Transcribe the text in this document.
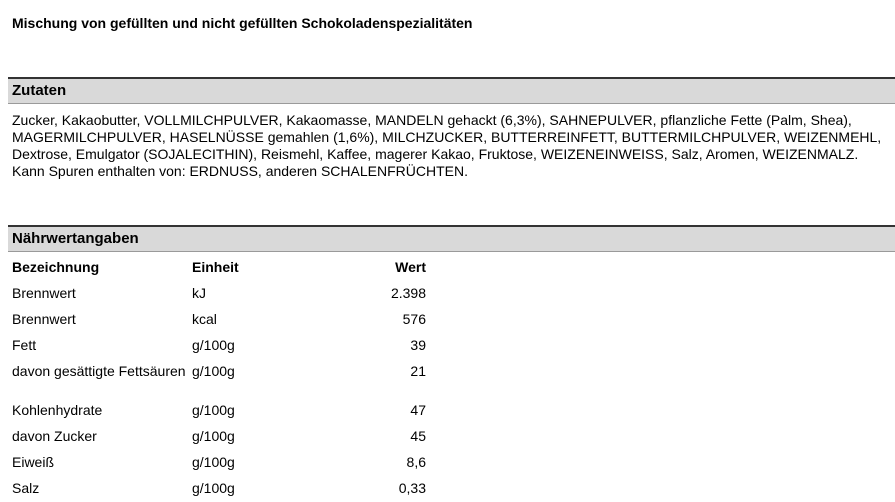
Mischung von gefüllten und nicht gefüllten Schokoladenspezialitäten
Zutaten

Zucker, Kakaobutter, VOLLMILCHPULVER, Kakaomasse, MANDELN gehackt (6,3%), SAHNEPULVER, pflanzliche Fette (Palm, Shea), MAGERMILCHPULVER, HASELNÜSSE gemahlen (1,6%), MILCHZUCKER, BUTTERREINFETT, BUTTERMILCHPULVER, WEIZENMEHL, Dextrose, Emulgator (SOJALECITHIN), Reismehl, Kaffee, magerer Kakao, Fruktose, WEIZENEINWEISS, Salz, Aromen, WEIZENMALZ.

Kann Spuren enthalten von: ERDNUSS, anderen SCHALENFRÜCHTEN.

Nährwertangaben
Bezeichnung	Einheit	Wert
Brennwert	kJ	2.398
Brennwert	kcal	576
Fett	g/100g	39
davon gesättigte Fettsäuren	g/100g	21
Kohlenhydrate	g/100g	47
davon Zucker	g/100g	45
Eiweiß	g/100g	8,6
Salz	g/100g	0,33
